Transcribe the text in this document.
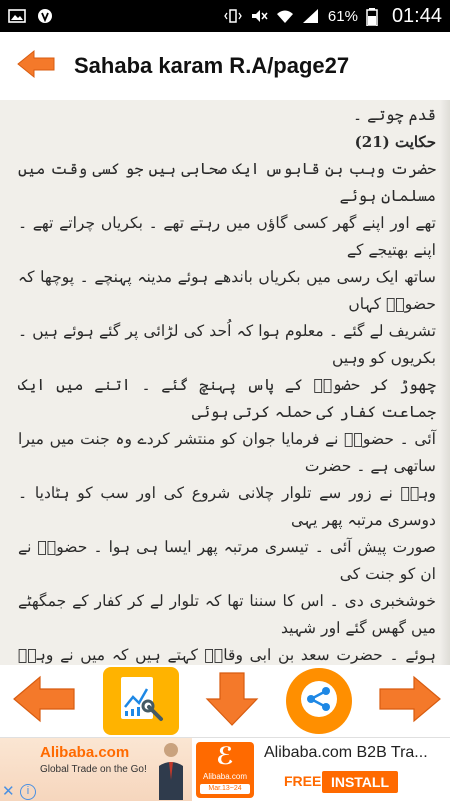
61% 01:44
Sahaba karam R.A/page27

قدم چوتے ۔

حکایت (21)

حضرت وہب بن قابوس ایک صحابی ہیں جو کسی وقت میں مسلمان ہوئے

تھے اور اپنے گھر کسی گاؤں میں رہتے تھے ۔ بکریاں چراتے تھے ۔ اپنے بھتیجے کے

ساتھ ایک رسی میں بکریاں باندھے ہوئے مدینہ پہنچے ۔ پوچھا کہ حضورؐ کہاں

تشریف لے گئے ۔ معلوم ہوا کہ اُحد کی لڑائی پر گئے ہوئے ہیں ۔ بکریوں کو وہیں

چھوڑ کر حضورؐ کے پاس پہنچ گئے ۔ اتنے میں ایک جماعت کفار کی حملہ کرتی ہوئی

آئی ۔ حضورؐ نے فرمایا جوان کو منتشر کردے وہ جنت میں میرا ساتھی ہے ۔ حضرت

وہبؓ نے زور سے تلوار چلانی شروع کی اور سب کو ہٹادیا ۔ دوسری مرتبہ پھر یہی

صورت پیش آئی ۔ تیسری مرتبہ پھر ایسا ہی ہوا ۔ حضورؐ نے ان کو جنت کی

خوشخبری دی ۔ اس کا سننا تھا کہ تلوار لے کر کفار کے جمگھٹے میں گھس گئے اور شہید

ہوئے ۔ حضرت سعد بن ابی وقاصؓ کہتے ہیں کہ میں نے وہبؓ

Alibaba.com
Global Trade on the Go!
✕	i
ℰ
Alibaba.com
Mar.13~24
Alibaba.com B2B Tra...
FREE INSTALL
